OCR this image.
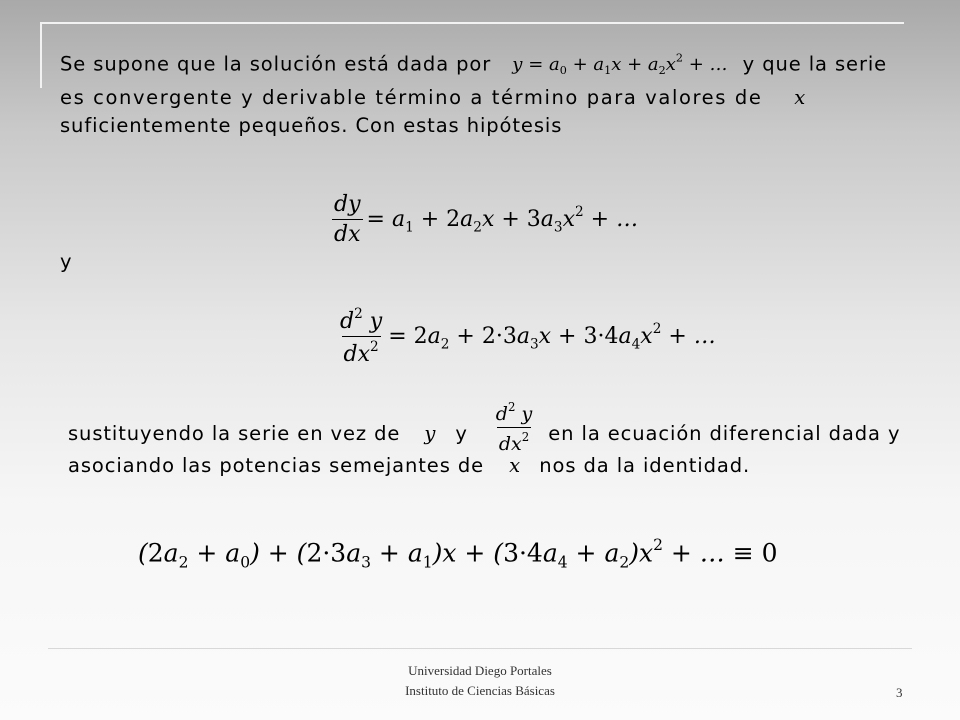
Se supone que la solución está dada por $y = a_0 + a_1x + a_2x^2$ + … y que la serie
es convergente y derivable término a término para valores de x
suficientemente pequeños. Con estas hipótesis
$\frac{dy}{dx} = a_1 + 2a_2x + 3a_3x^2$ + …
y
$\frac{d^2 y}{dx^2} = 2a_2 + 2\cdot 3a_3x + 3\cdot 4a_4x^2$ + …
sustituyendo la serie en vez de y y $\frac{d^2 y}{dx^2}$ en la ecuación diferencial dada y
asociando las potencias semejantes de x nos da la identidad.
$(2a_2 + a_0) + (2\cdot 3a_3 + a_1)x + (3\cdot 4a_4 + a_2)x^2$ + … ≡ 0
Universidad Diego Portales
Instituto de Ciencias Básicas	3
